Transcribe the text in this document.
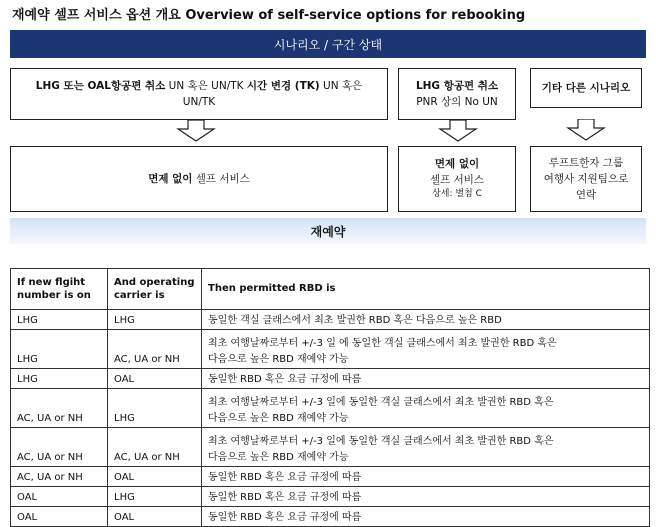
재예약 셀프 서비스 옵션 개요 Overview of self-service options for rebooking
시나리오 / 구간 상태
LHG 또는 OAL항공편 취소 UN 혹은 UN/TK 시간 변경 (TK) UN 혹은
UN/TK
LHG 항공편 취소
PNR 상의 No UN
기타 다른 시나리오
면제 없이 셀프 서비스
면제 없이
셀프 서비스
상세: 별첨 C
루프트한자 그룹
여행사 지원팀으로
연락
재예약
If new flgiht number is on	And operating carrier is	Then permitted RBD is
LHG	LHG	동일한 객실 클래스에서 최초 발권한 RBD 혹은 다음으로 높은 RBD

LHG	AC, UA or NH	최초 여행날짜로부터 +/-3 일 에 동일한 객실 클래스에서 최초 발권한 RBD 혹은
다음으로 높은 RBD 재예약 가능

LHG	OAL	동일한 RBD 혹은 요금 규정에 따름

AC, UA or NH	LHG	최초 여행날짜로부터 +/-3 일에 동일한 객실 클래스에서 최초 발권한 RBD 혹은
다음으로 높은 RBD 재예약 가능

AC, UA or NH	AC, UA or NH	최초 여행날짜로부터 +/-3 일에 동일한 객실 클래스에서 최초 발권한 RBD 혹은
다음으로 높은 RBD 재예약 가능

AC, UA or NH	OAL	동일한 RBD 혹은 요금 규정에 따름

OAL	LHG	동일한 RBD 혹은 요금 규정에 따름

OAL	OAL	동일한 RBD 혹은 요금 규정에 따름
